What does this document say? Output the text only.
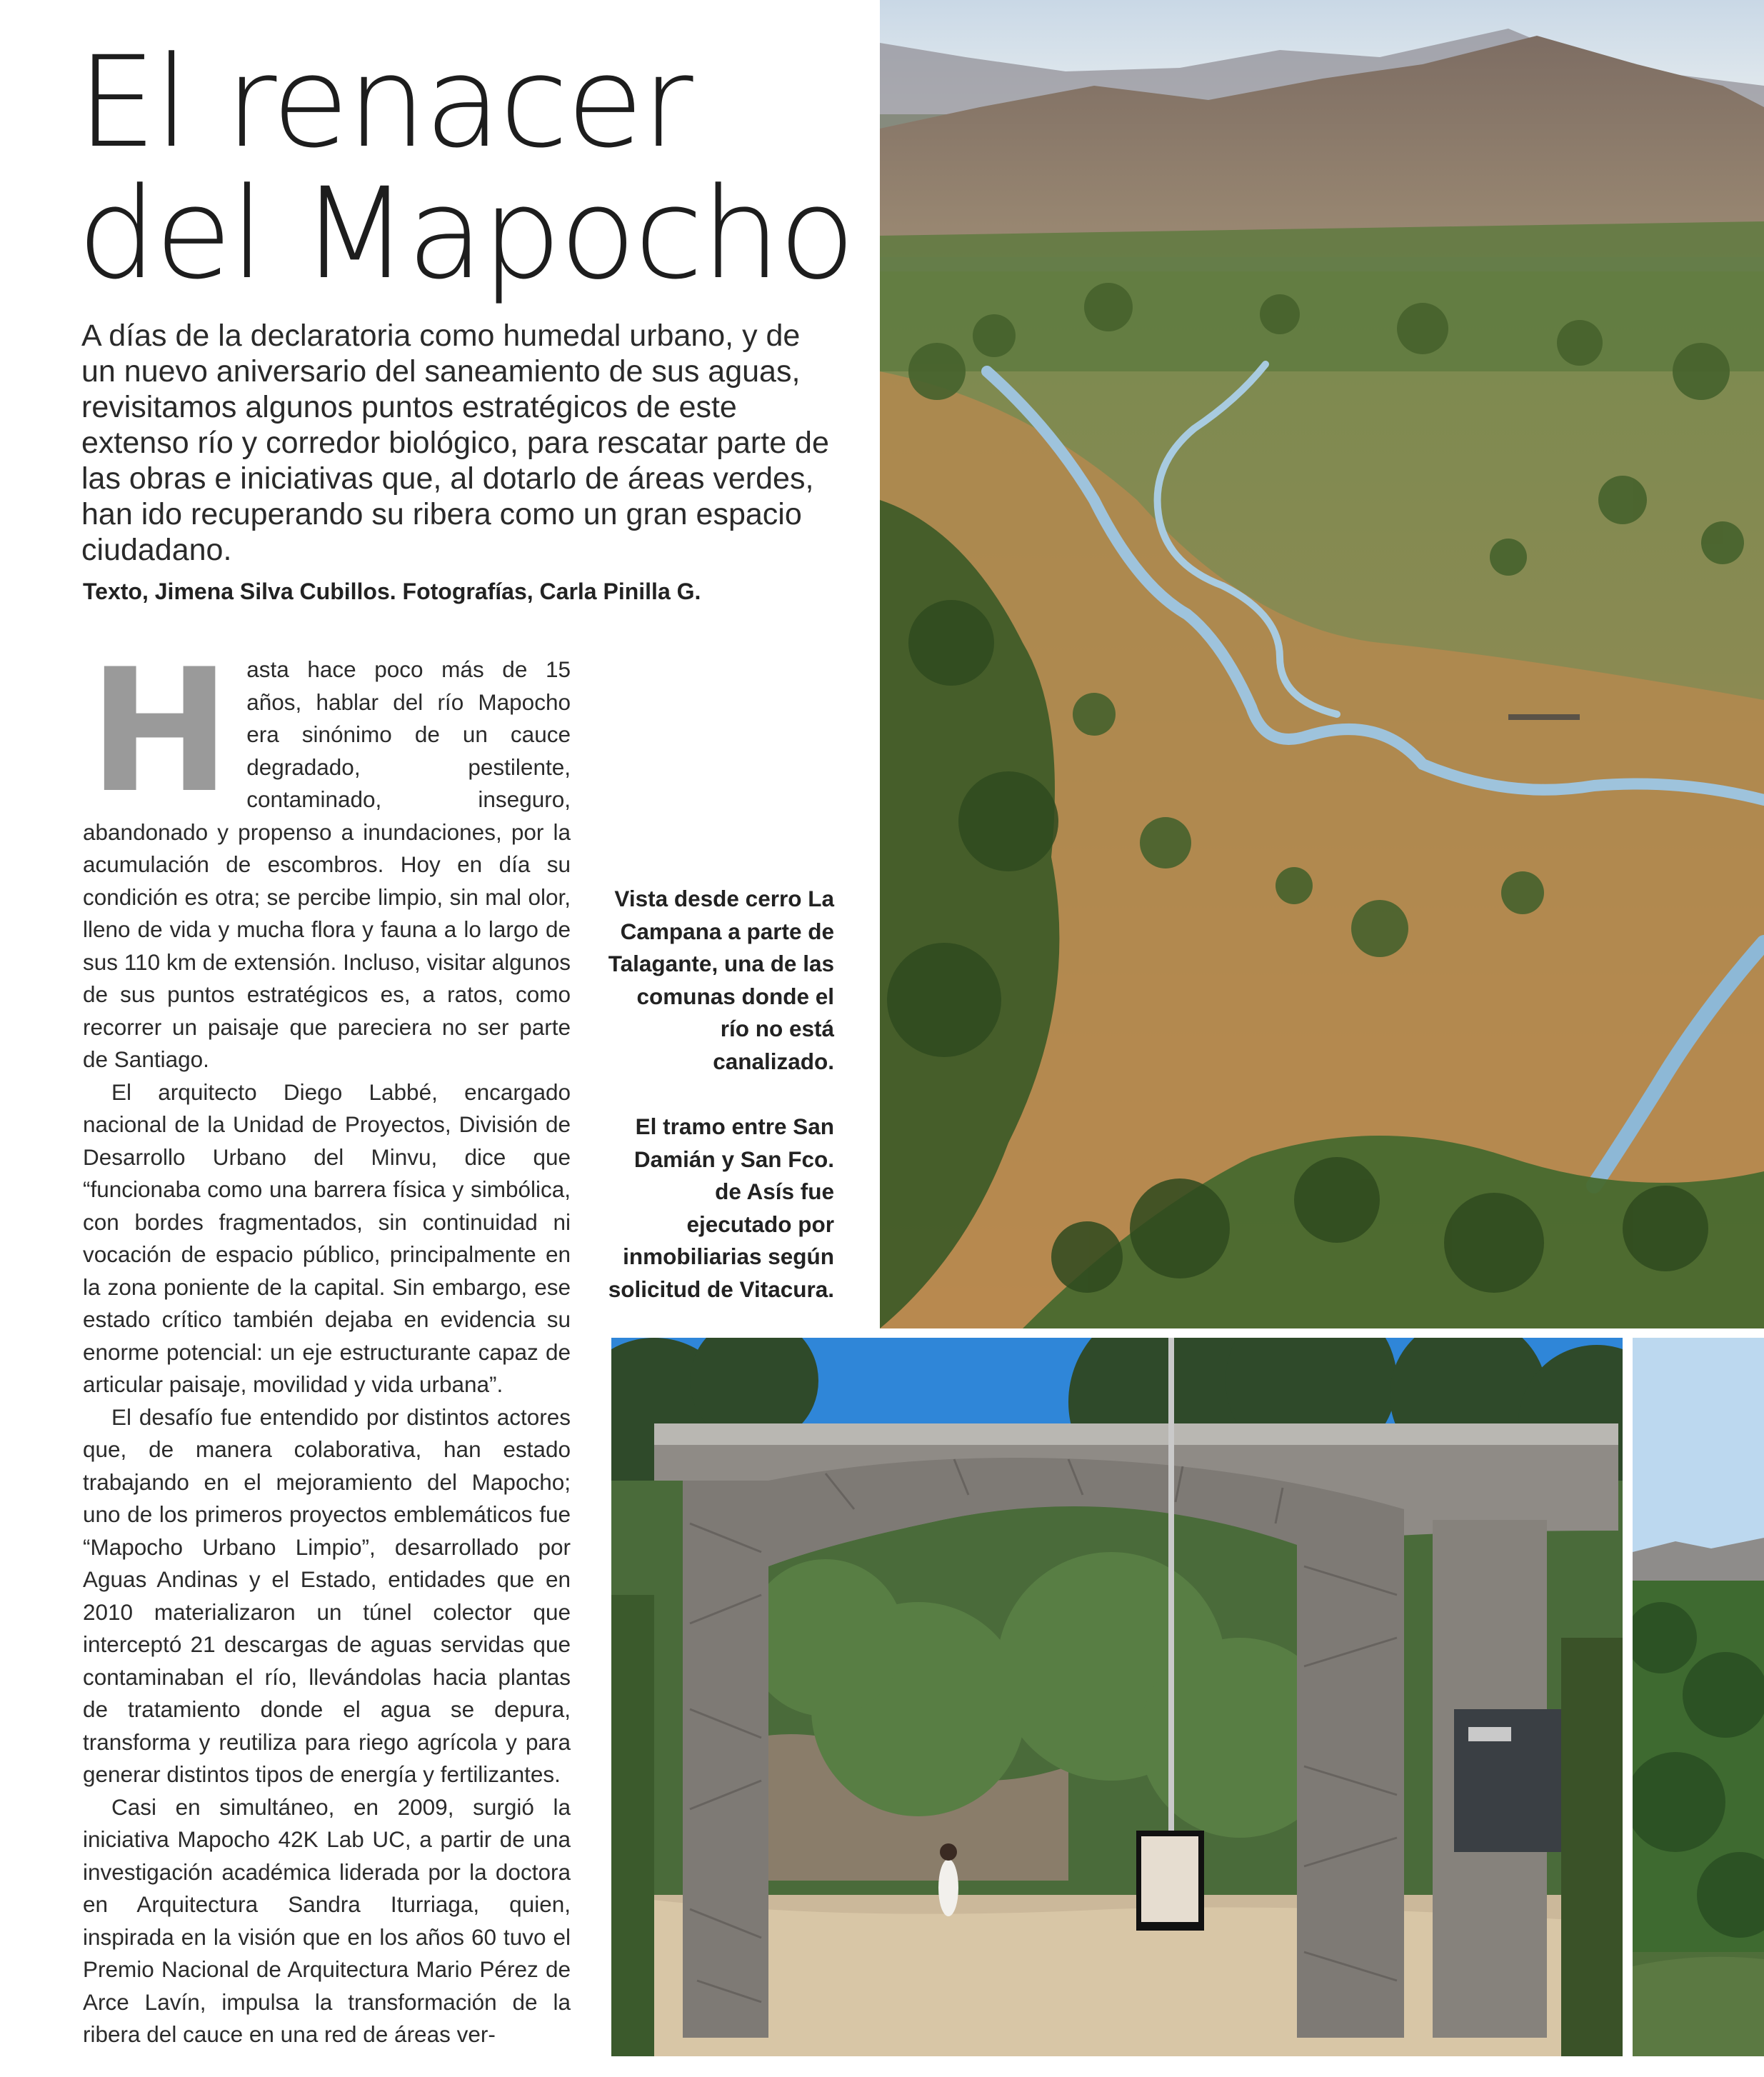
El renacer
del Mapocho

A días de la declaratoria como humedal urbano, y de un nuevo aniversario del saneamiento de sus aguas, revisitamos algunos puntos estratégicos de este extenso río y corredor biológico, para rescatar parte de las obras e iniciativas que, al dotarlo de áreas verdes, han ido recuperando su ribera como un gran espacio ciudadano.

Texto, Jimena Silva Cubillos. Fotografías, Carla Pinilla G.

Hasta hace poco más de 15 años, hablar del río Mapocho era sinónimo de un cauce degradado, pestilente, contaminado, inseguro, abandonado y propenso a inundaciones, por la acumulación de escombros. Hoy en día su condición es otra; se percibe limpio, sin mal olor, lleno de vida y mucha flora y fauna a lo largo de sus 110 km de extensión. Incluso, visitar algunos de sus puntos estratégicos es, a ratos, como recorrer un paisaje que pareciera no ser parte de Santiago.

El arquitecto Diego Labbé, encargado nacional de la Unidad de Proyectos, División de Desarrollo Urbano del Minvu, dice que “funcionaba como una barrera física y simbólica, con bordes fragmentados, sin continuidad ni vocación de espacio público, principalmente en la zona poniente de la capital. Sin embargo, ese estado crítico también dejaba en evidencia su enorme potencial: un eje estructurante capaz de articular paisaje, movilidad y vida urbana”.

El desafío fue entendido por distintos actores que, de manera colaborativa, han estado trabajando en el mejoramiento del Mapocho; uno de los primeros proyectos emblemáticos fue “Mapocho Urbano Limpio”, desarrollado por Aguas Andinas y el Estado, entidades que en 2010 materializaron un túnel colector que interceptó 21 descargas de aguas servidas que contaminaban el río, llevándolas hacia plantas de tratamiento donde el agua se depura, transforma y reutiliza para riego agrícola y para generar distintos tipos de energía y fertilizantes.

Casi en simultáneo, en 2009, surgió la iniciativa Mapocho 42K Lab UC, a partir de una investigación académica liderada por la doctora en Arquitectura Sandra Iturriaga, quien, inspirada en la visión que en los años 60 tuvo el Premio Nacional de Arquitectura Mario Pérez de Arce Lavín, impulsa la transformación de la ribera del cauce en una red de áreas ver-

Vista desde cerro La Campana a parte de Talagante, una de las comunas donde el río no está canalizado.

El tramo entre San Damián y San Fco. de Asís fue ejecutado por inmobiliarias según solicitud de Vitacura.
